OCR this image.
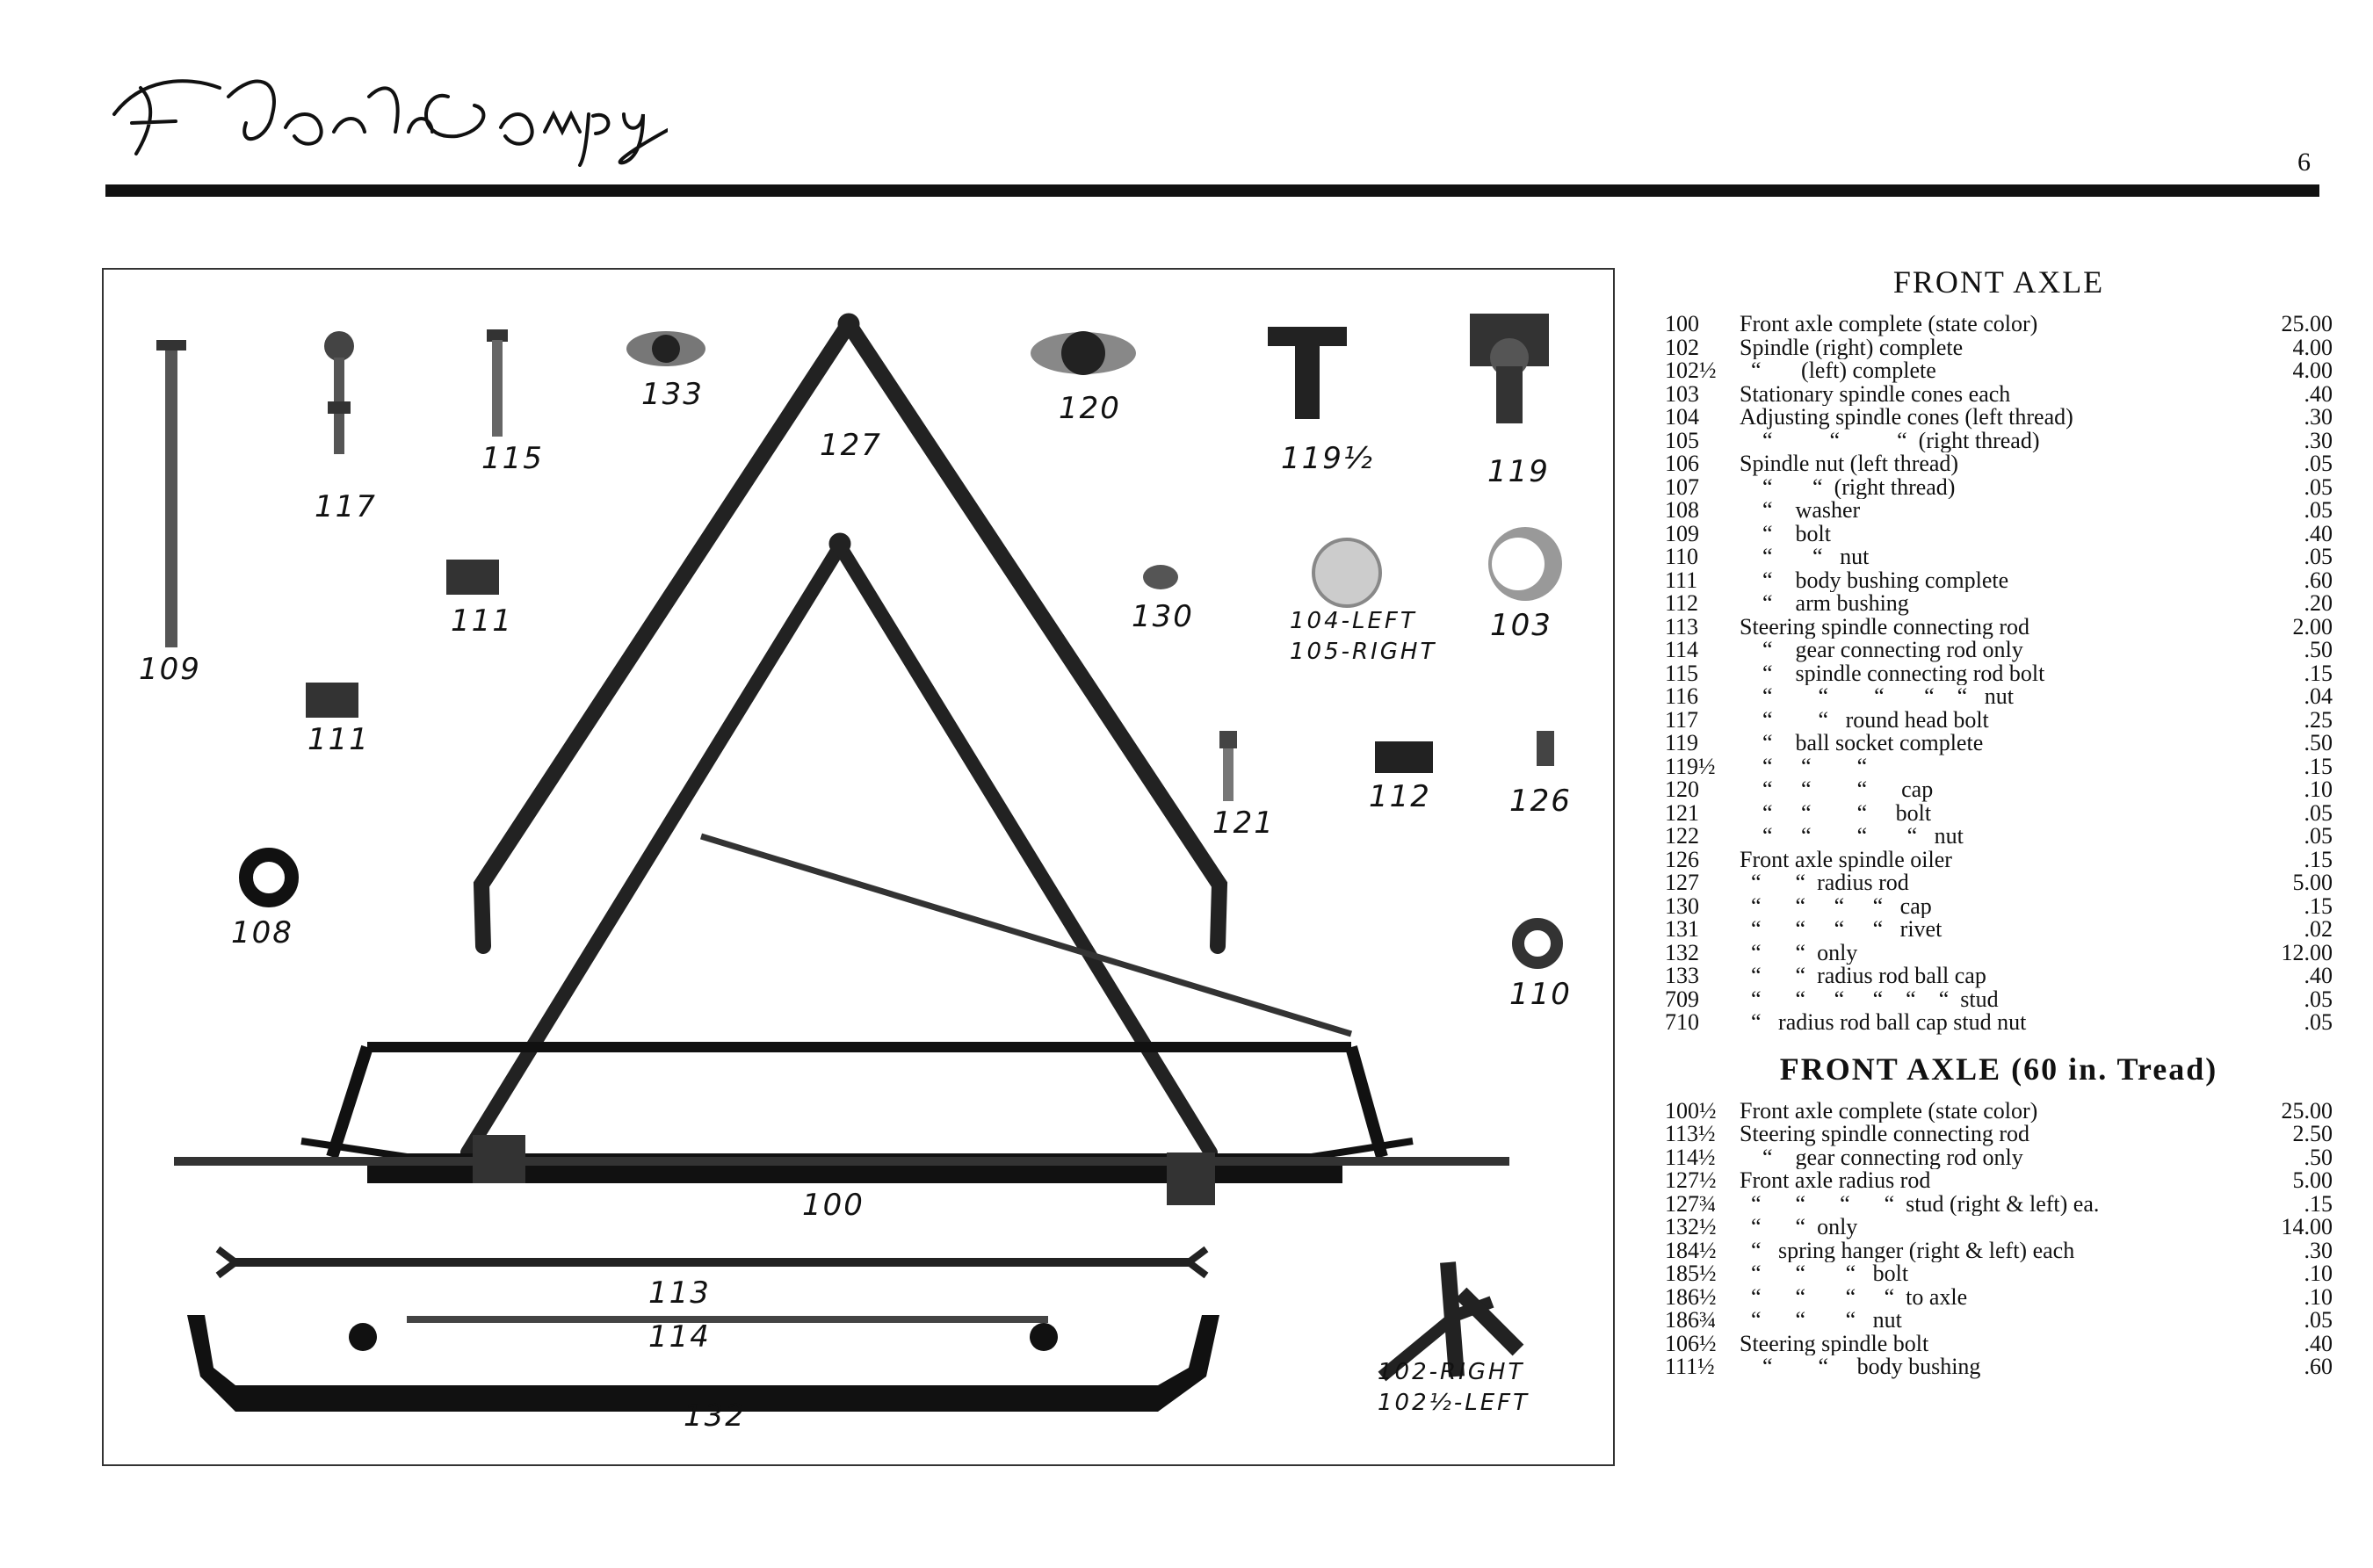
6
109
117
115
133
127
120
119½	119
111
111
130	104-LEFT
105-RIGHT
103
121
112	126
108
110
100
113
114
132
102-RIGHT
102½-LEFT
FRONT AXLE
100	Front axle complete (state color)	25.00
102	Spindle (right) complete	4.00
102½	“       (left) complete	4.00
103	Stationary spindle cones each	.40
104	Adjusting spindle cones (left thread)	.30
105	“          “          “  (right thread)	.30
106	Spindle nut (left thread)	.05
107	“       “  (right thread)	.05
108	“    washer	.05
109	“    bolt	.40
110	“       “   nut	.05
111	“    body bushing complete	.60
112	“    arm bushing	.20
113	Steering spindle connecting rod	2.00
114	“    gear connecting rod only	.50
115	“    spindle connecting rod bolt	.15
116	“        “        “       “    “   nut	.04
117	“        “   round head bolt	.25
119	“    ball socket complete	.50
119½	“     “        “	.15
120	“     “        “      cap	.10
121	“     “        “     bolt	.05
122	“     “        “       “   nut	.05
126	Front axle spindle oiler	.15
127	“      “  radius rod	5.00
130	“      “     “     “   cap	.15
131	“      “     “     “   rivet	.02
132	“      “  only	12.00
133	“      “  radius rod ball cap	.40
709	“      “     “     “    “    “  stud	.05
710	“   radius rod ball cap stud nut	.05
FRONT AXLE (60 in. Tread)
100½	Front axle complete (state color)	25.00
113½	Steering spindle connecting rod	2.50
114½	“    gear connecting rod only	.50
127½	Front axle radius rod	5.00
127¾	“      “      “      “  stud (right & left) ea.	.15
132½	“      “  only	14.00
184½	“   spring hanger (right & left) each	.30
185½	“      “       “   bolt	.10
186½	“      “       “     “  to axle	.10
186¾	“      “       “   nut	.05
106½	Steering spindle bolt	.40
111½	“        “     body bushing	.60
